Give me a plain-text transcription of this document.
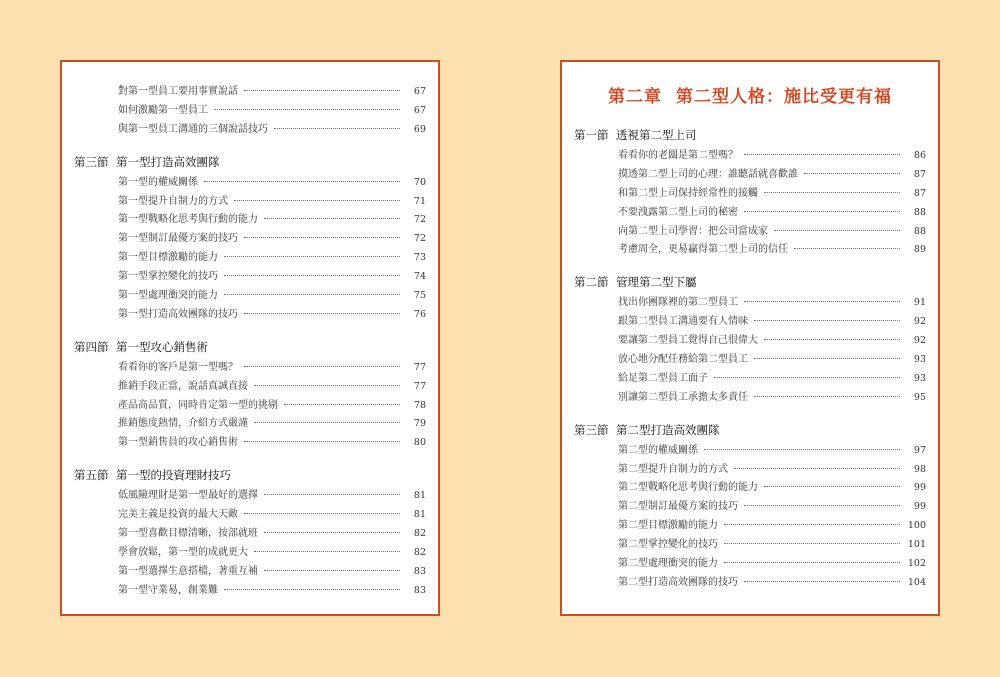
對第一型員工要用事實說話	67
如何激勵第一型員工	67
與第一型員工溝通的三個說話技巧	69
第三節 第一型打造高效團隊
第一型的權威關係	70
第一型提升自制力的方式	71
第一型戰略化思考與行動的能力	72
第一型制訂最優方案的技巧	72
第一型目標激勵的能力	73
第一型掌控變化的技巧	74
第一型處理衝突的能力	75
第一型打造高效團隊的技巧	76
第四節 第一型攻心銷售術
看看你的客戶是第一型嗎？	77
推銷手段正當，說話真誠直接	77
產品高品質，同時肯定第一型的挑剔	78
推銷態度熱情，介紹方式嚴謹	79
第一型銷售員的攻心銷售術	80
第五節 第一型的投資理財技巧
低風險理財是第一型最好的選擇	81
完美主義是投資的最大天敵	81
第一型喜歡目標清晰，按部就班	82
學會放鬆，第一型的成就更大	82
第一型選擇生意搭檔，著重互補	83
第一型守業易，創業難	83
第二章 第二型人格：施比受更有福
第一節 透視第二型上司
看看你的老闆是第二型嗎？	86
摸透第二型上司的心理：誰聽話就喜歡誰	87
和第二型上司保持經常性的接觸	87
不要洩露第二型上司的秘密	88
向第二型上司學習：把公司當成家	88
考慮周全，更易贏得第二型上司的信任	89
第二節 管理第二型下屬
找出你團隊裡的第二型員工	91
跟第二型員工溝通要有人情味	92
要讓第二型員工覺得自己很偉大	92
放心地分配任務給第二型員工	93
給足第二型員工面子	93
別讓第二型員工承擔太多責任	95
第三節 第二型打造高效團隊
第二型的權威關係	97
第二型提升自制力的方式	98
第二型戰略化思考與行動的能力	99
第二型制訂最優方案的技巧	99
第二型目標激勵的能力	100
第二型掌控變化的技巧	101
第二型處理衝突的能力	102
第二型打造高效團隊的技巧	104
